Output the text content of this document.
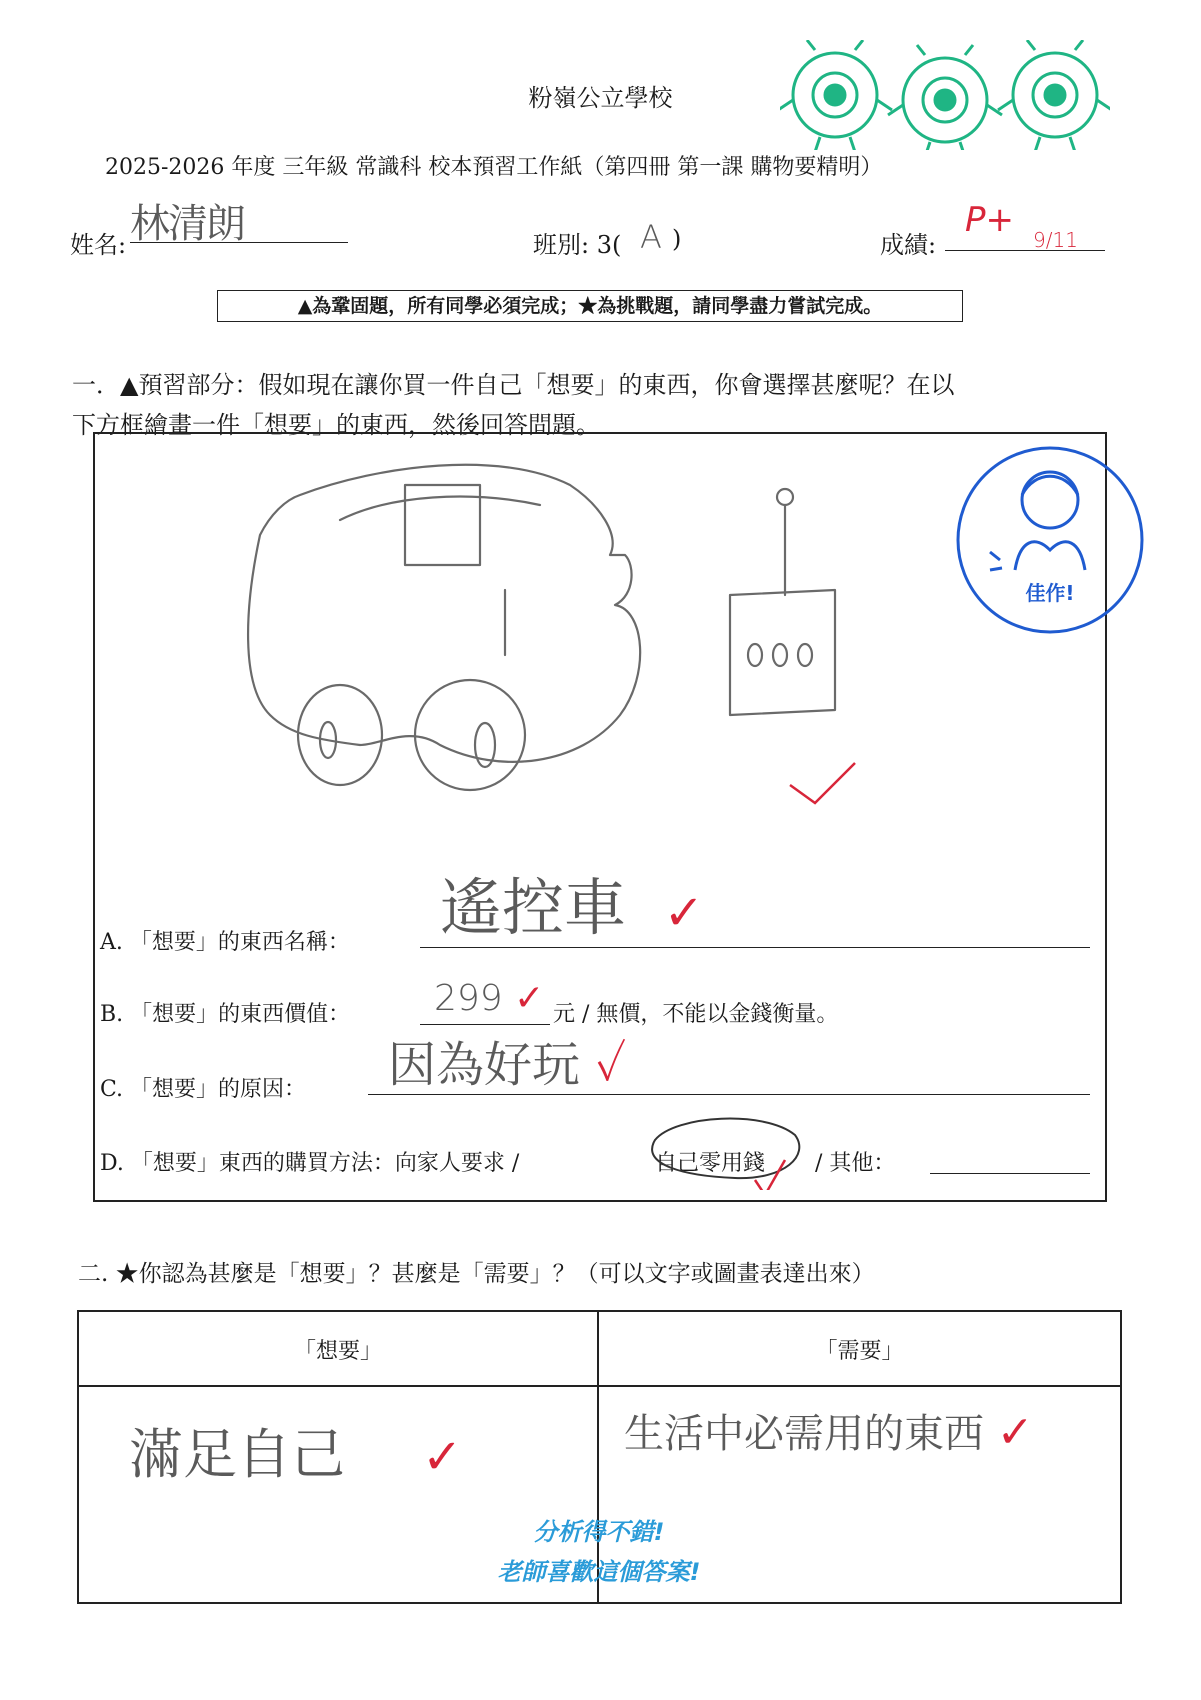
粉嶺公立學校
2025-2026 年度 三年級 常識科 校本預習工作紙（第四冊 第一課 購物要精明）
姓名: 林清朗	班別: 3( A )	成績:
P+ 9/11
▲為鞏固題，所有同學必須完成；★為挑戰題，請同學盡力嘗試完成。
一．▲預習部分：假如現在讓你買一件自己「想要」的東西，你會選擇甚麼呢？在以
下方框繪畫一件「想要」的東西，然後回答問題。
佳作!
A. 「想要」的東西名稱：	遙控車 ✓
B. 「想要」的東西價值：	299 ✓ 元 / 無價，不能以金錢衡量。
C. 「想要」的原因：	因為好玩 ✓
D. 「想要」東西的購買方法：向家人要求 /	自己零用錢 / 其他：
二. ★你認為甚麼是「想要」？甚麼是「需要」？（可以文字或圖畫表達出來）
「想要」	「需要」
滿足自己 ✓	生活中必需用的東西 ✓
分析得不錯!
老師喜歡這個答案!
